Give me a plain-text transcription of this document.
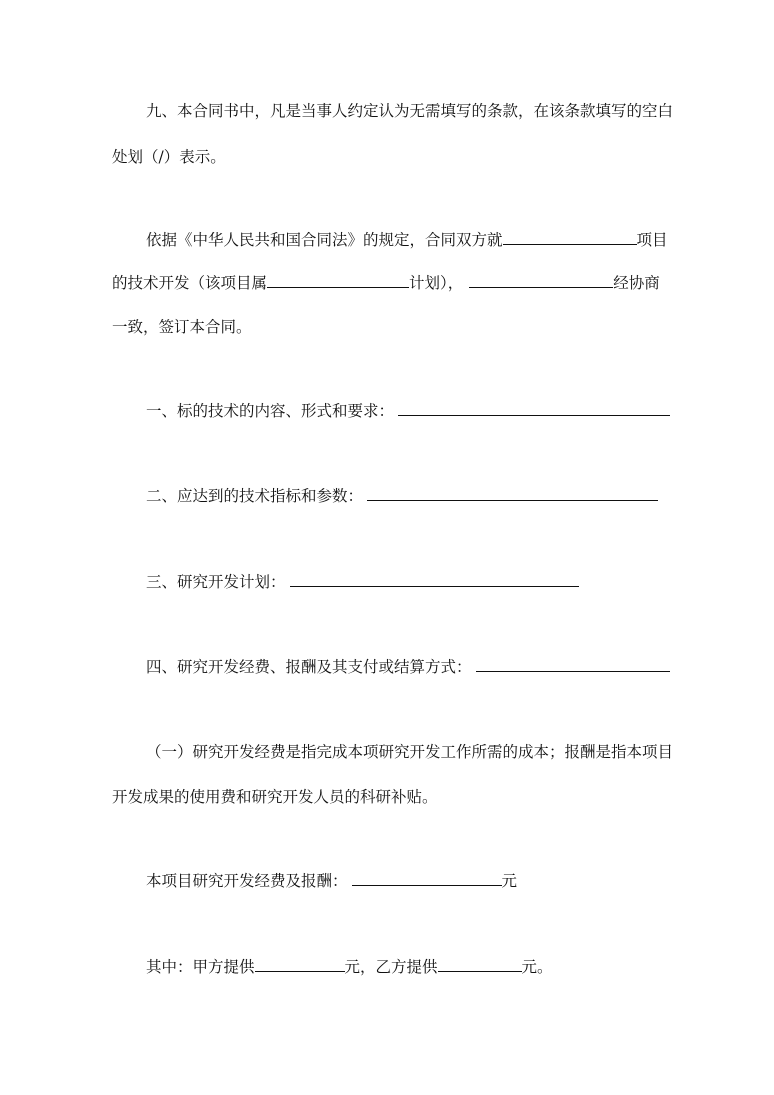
九、本合同书中，凡是当事人约定认为无需填写的条款，在该条款填写的空白
处划（/）表示。
依据《中华人民共和国合同法》的规定，合同双方就	项目
的技术开发（该项目属	计划），	经协商
一致，签订本合同。
一、标的技术的内容、形式和要求：
二、应达到的技术指标和参数：
三、研究开发计划：
四、研究开发经费、报酬及其支付或结算方式：
（一）研究开发经费是指完成本项研究开发工作所需的成本；报酬是指本项目
开发成果的使用费和研究开发人员的科研补贴。
本项目研究开发经费及报酬：	元
其中：甲方提供	元，乙方提供	元。
